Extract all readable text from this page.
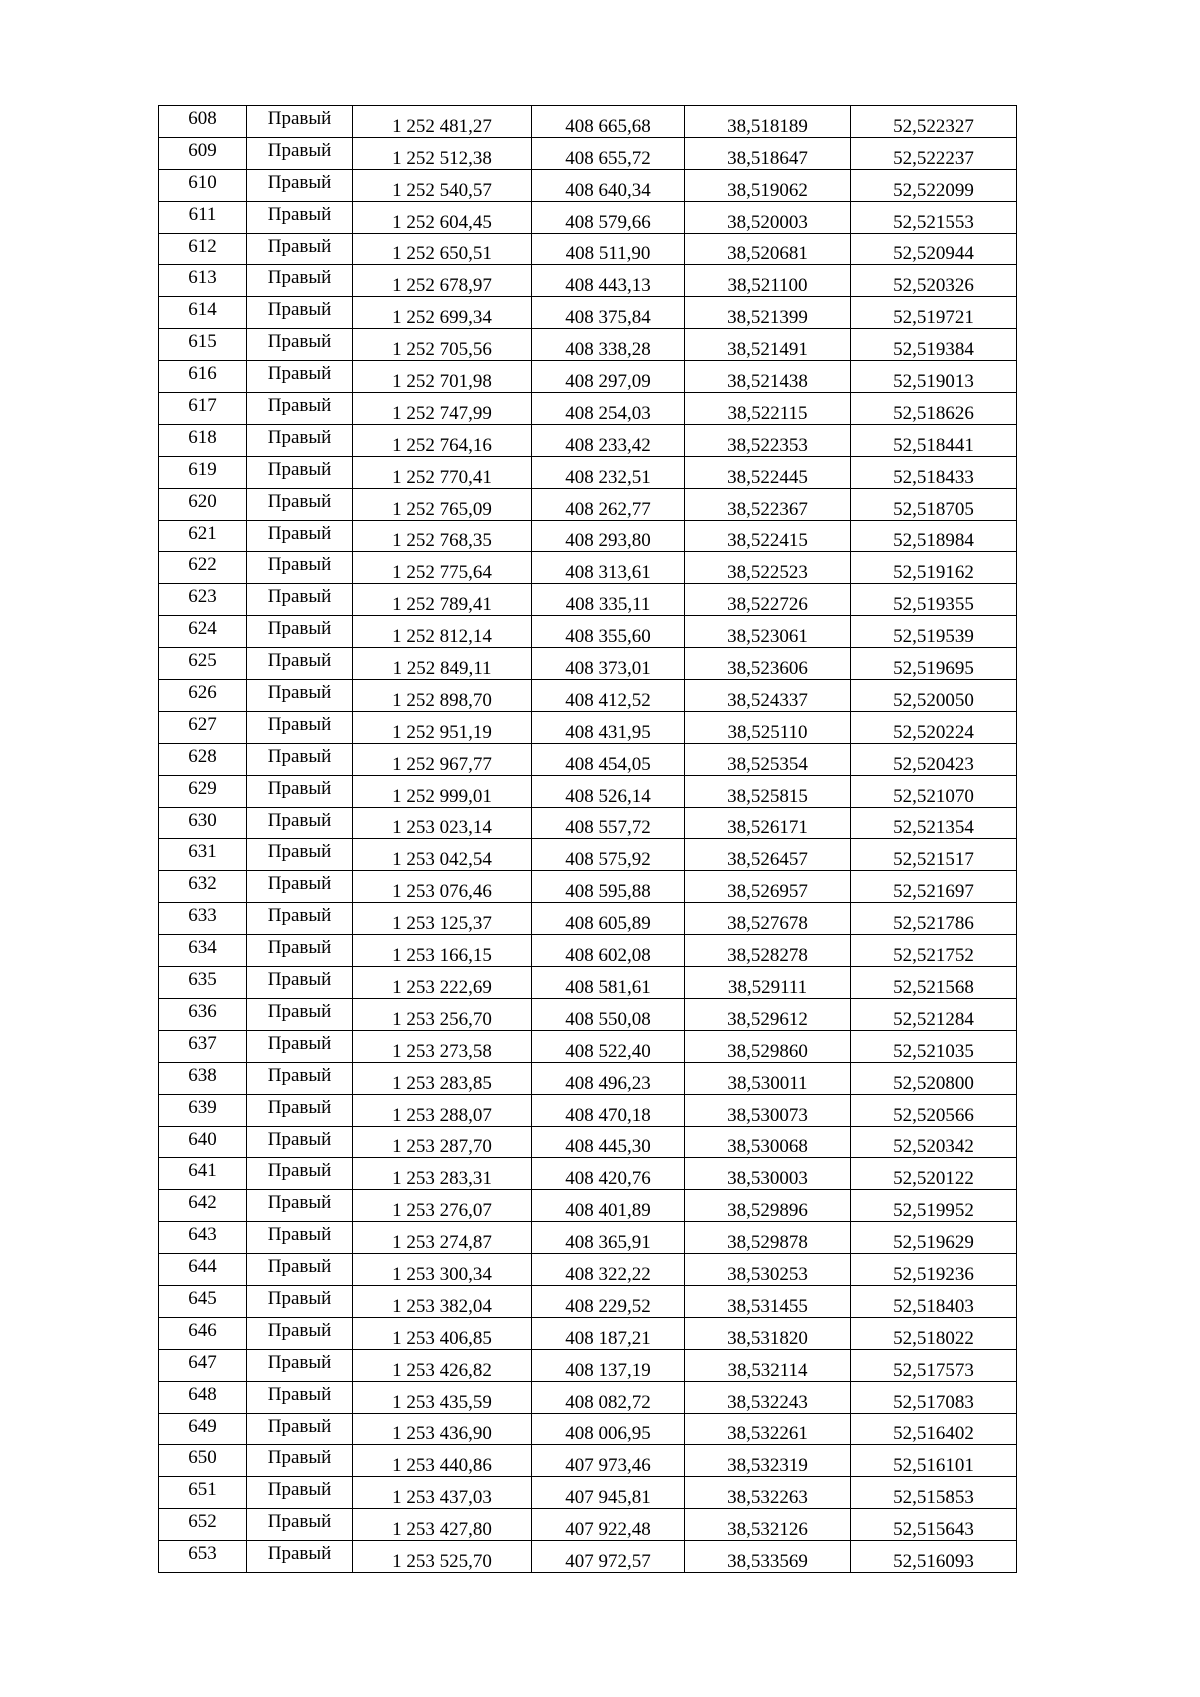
608	Правый	1 252 481,27	408 665,68	38,518189	52,522327
609	Правый	1 252 512,38	408 655,72	38,518647	52,522237
610	Правый	1 252 540,57	408 640,34	38,519062	52,522099
611	Правый	1 252 604,45	408 579,66	38,520003	52,521553
612	Правый	1 252 650,51	408 511,90	38,520681	52,520944
613	Правый	1 252 678,97	408 443,13	38,521100	52,520326
614	Правый	1 252 699,34	408 375,84	38,521399	52,519721
615	Правый	1 252 705,56	408 338,28	38,521491	52,519384
616	Правый	1 252 701,98	408 297,09	38,521438	52,519013
617	Правый	1 252 747,99	408 254,03	38,522115	52,518626
618	Правый	1 252 764,16	408 233,42	38,522353	52,518441
619	Правый	1 252 770,41	408 232,51	38,522445	52,518433
620	Правый	1 252 765,09	408 262,77	38,522367	52,518705
621	Правый	1 252 768,35	408 293,80	38,522415	52,518984
622	Правый	1 252 775,64	408 313,61	38,522523	52,519162
623	Правый	1 252 789,41	408 335,11	38,522726	52,519355
624	Правый	1 252 812,14	408 355,60	38,523061	52,519539
625	Правый	1 252 849,11	408 373,01	38,523606	52,519695
626	Правый	1 252 898,70	408 412,52	38,524337	52,520050
627	Правый	1 252 951,19	408 431,95	38,525110	52,520224
628	Правый	1 252 967,77	408 454,05	38,525354	52,520423
629	Правый	1 252 999,01	408 526,14	38,525815	52,521070
630	Правый	1 253 023,14	408 557,72	38,526171	52,521354
631	Правый	1 253 042,54	408 575,92	38,526457	52,521517
632	Правый	1 253 076,46	408 595,88	38,526957	52,521697
633	Правый	1 253 125,37	408 605,89	38,527678	52,521786
634	Правый	1 253 166,15	408 602,08	38,528278	52,521752
635	Правый	1 253 222,69	408 581,61	38,529111	52,521568
636	Правый	1 253 256,70	408 550,08	38,529612	52,521284
637	Правый	1 253 273,58	408 522,40	38,529860	52,521035
638	Правый	1 253 283,85	408 496,23	38,530011	52,520800
639	Правый	1 253 288,07	408 470,18	38,530073	52,520566
640	Правый	1 253 287,70	408 445,30	38,530068	52,520342
641	Правый	1 253 283,31	408 420,76	38,530003	52,520122
642	Правый	1 253 276,07	408 401,89	38,529896	52,519952
643	Правый	1 253 274,87	408 365,91	38,529878	52,519629
644	Правый	1 253 300,34	408 322,22	38,530253	52,519236
645	Правый	1 253 382,04	408 229,52	38,531455	52,518403
646	Правый	1 253 406,85	408 187,21	38,531820	52,518022
647	Правый	1 253 426,82	408 137,19	38,532114	52,517573
648	Правый	1 253 435,59	408 082,72	38,532243	52,517083
649	Правый	1 253 436,90	408 006,95	38,532261	52,516402
650	Правый	1 253 440,86	407 973,46	38,532319	52,516101
651	Правый	1 253 437,03	407 945,81	38,532263	52,515853
652	Правый	1 253 427,80	407 922,48	38,532126	52,515643
653	Правый	1 253 525,70	407 972,57	38,533569	52,516093
